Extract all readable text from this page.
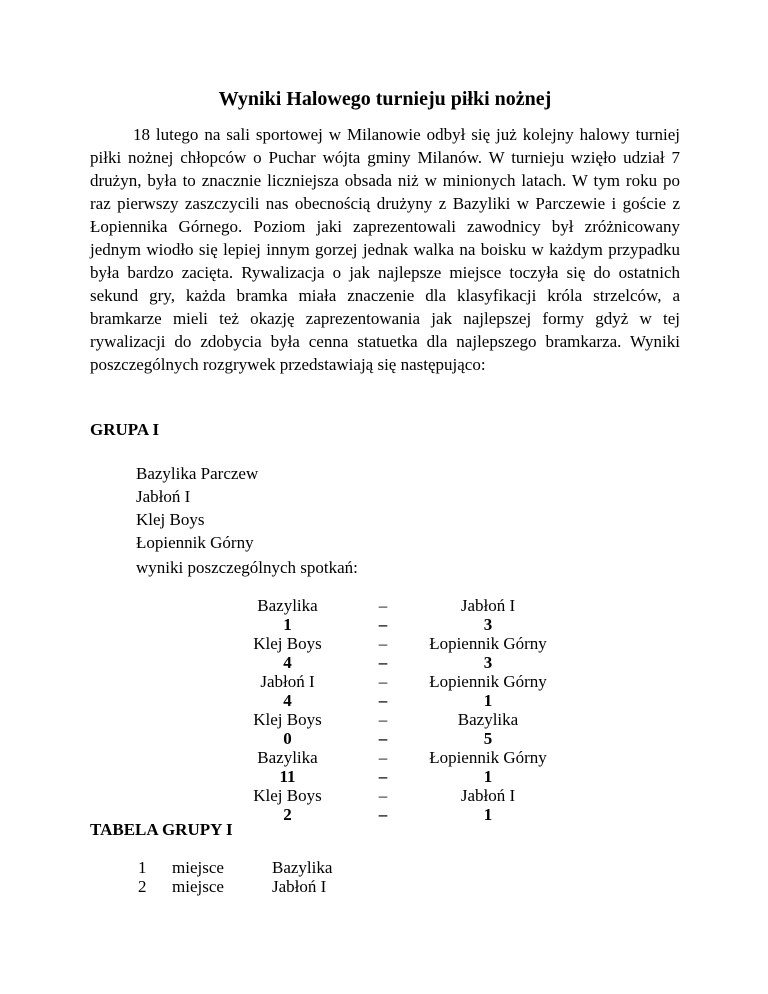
Wyniki Halowego turnieju piłki nożnej

18 lutego na sali sportowej w Milanowie odbył się już kolejny halowy turniej piłki nożnej chłopców o Puchar wójta gminy Milanów. W turnieju wzięło udział 7 drużyn, była to znacznie liczniejsza obsada niż w minionych latach. W tym roku po raz pierwszy zaszczycili nas obecnością drużyny z Bazyliki w Parczewie i goście z Łopiennika Górnego. Poziom jaki zaprezentowali zawodnicy był zróżnicowany jednym wiodło się lepiej innym gorzej jednak walka na boisku w każdym przypadku była bardzo zacięta. Rywalizacja o jak najlepsze miejsce toczyła się do ostatnich sekund gry, każda bramka miała znaczenie dla klasyfikacji króla strzelców, a bramkarze mieli też okazję zaprezentowania jak najlepszej formy gdyż w tej rywalizacji do zdobycia była cenna statuetka dla najlepszego bramkarza. Wyniki poszczególnych rozgrywek przedstawiają się następująco:

GRUPA I

Bazylika Parczew
Jabłoń I
Klej Boys
Łopiennik Górny

wyniki poszczególnych spotkań:

Bazylika	–	Jabłoń I
1	–	3
Klej Boys	–	Łopiennik Górny
4	–	3
Jabłoń I	–	Łopiennik Górny
4	–	1
Klej Boys	–	Bazylika
0	–	5
Bazylika	–	Łopiennik Górny
11	–	1
Klej Boys	–	Jabłoń I
2	–	1

TABELA GRUPY I

1 miejsce	Bazylika
2 miejsce	Jabłoń I
